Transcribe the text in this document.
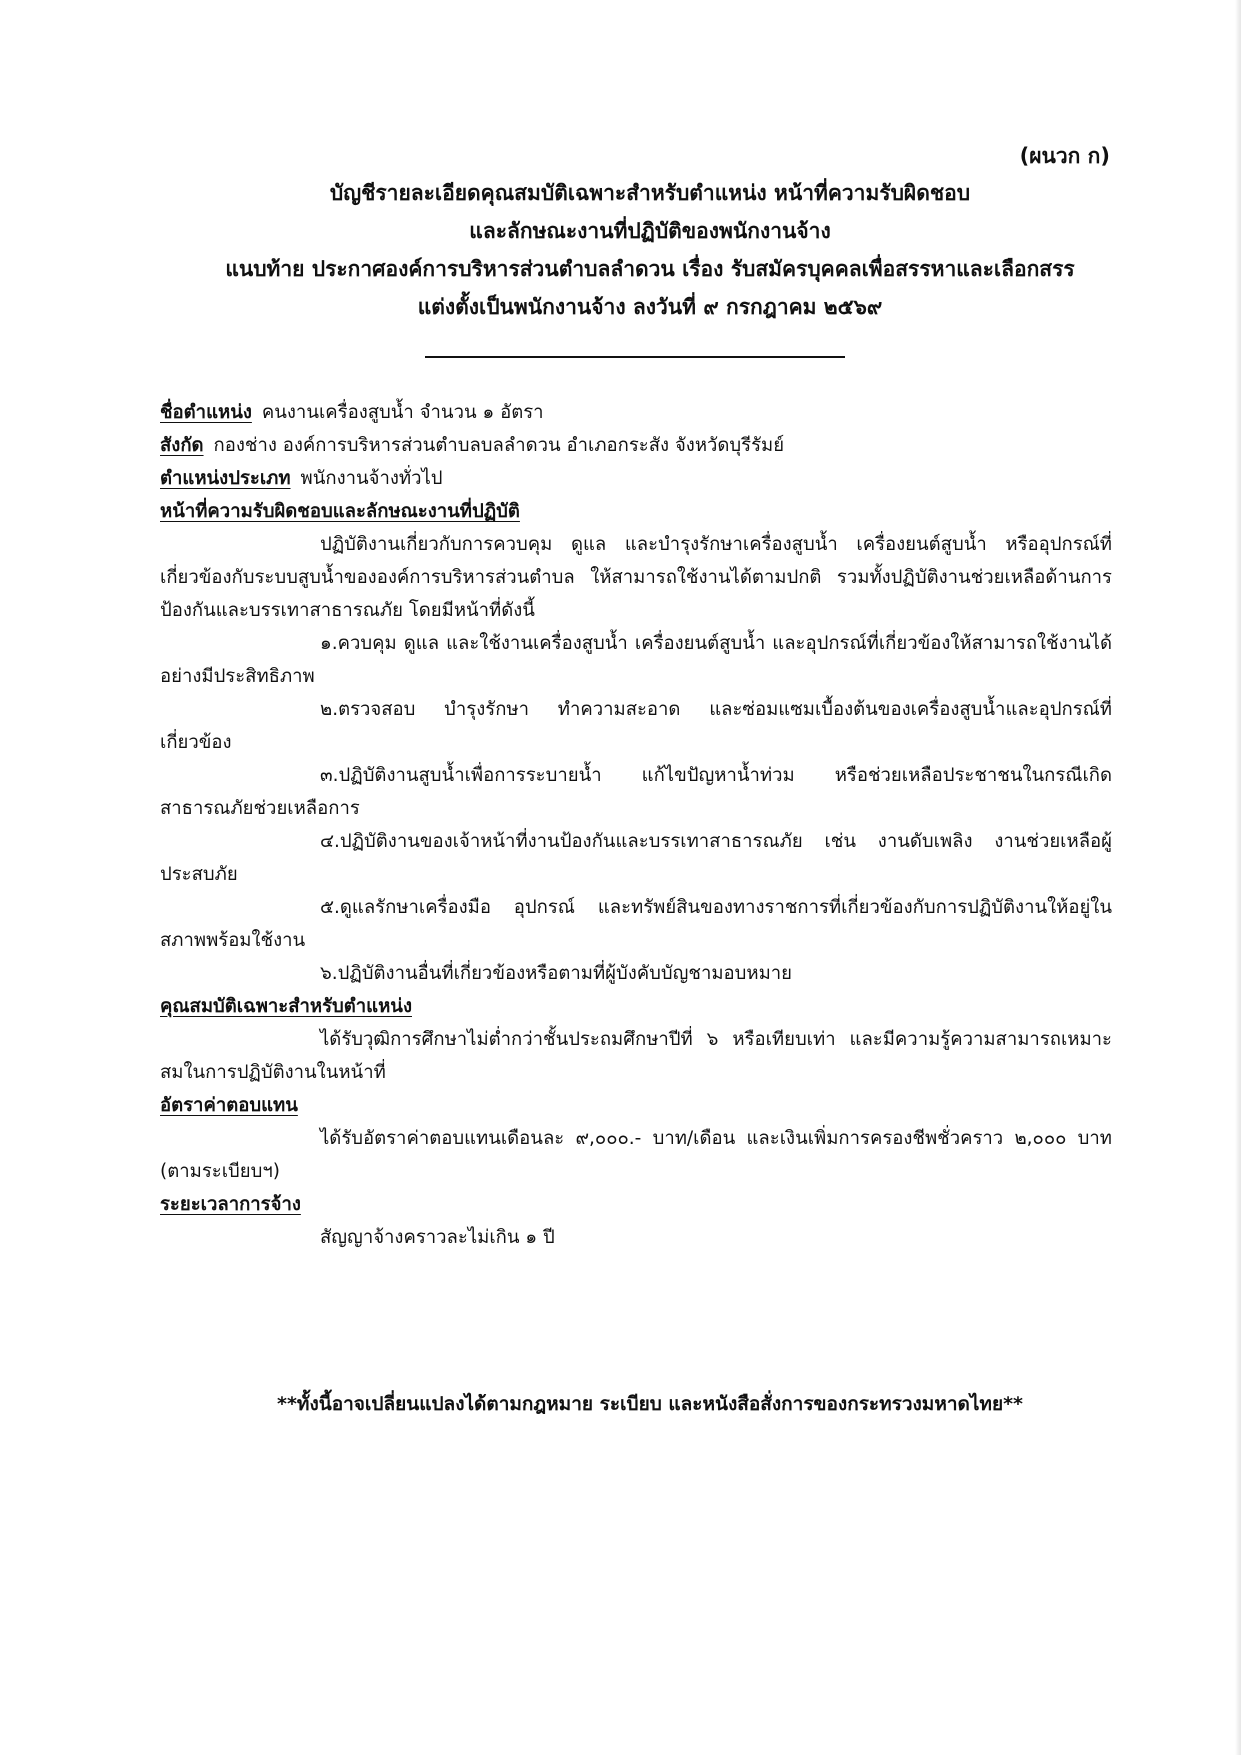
(ผนวก ก)
บัญชีรายละเอียดคุณสมบัติเฉพาะสำหรับตำแหน่ง หน้าที่ความรับผิดชอบ
และลักษณะงานที่ปฏิบัติของพนักงานจ้าง
แนบท้าย ประกาศองค์การบริหารส่วนตำบลลำดวน เรื่อง รับสมัครบุคคลเพื่อสรรหาและเลือกสรร
แต่งตั้งเป็นพนักงานจ้าง ลงวันที่ ๙ กรกฎาคม ๒๕๖๙
ชื่อตำแหน่ง คนงานเครื่องสูบน้ำ จำนวน ๑ อัตรา
สังกัด กองช่าง องค์การบริหารส่วนตำบลบลลำดวน อำเภอกระสัง จังหวัดบุรีรัมย์
ตำแหน่งประเภท พนักงานจ้างทั่วไป
หน้าที่ความรับผิดชอบและลักษณะงานที่ปฏิบัติ

ปฏิบัติงานเกี่ยวกับการควบคุม ดูแล และบำรุงรักษาเครื่องสูบน้ำ เครื่องยนต์สูบน้ำ หรืออุปกรณ์ที่เกี่ยวข้องกับระบบสูบน้ำขององค์การบริหารส่วนตำบล ให้สามารถใช้งานได้ตามปกติ รวมทั้งปฏิบัติงานช่วยเหลือด้านการป้องกันและบรรเทาสาธารณภัย โดยมีหน้าที่ดังนี้

๑.ควบคุม ดูแล และใช้งานเครื่องสูบน้ำ เครื่องยนต์สูบน้ำ และอุปกรณ์ที่เกี่ยวข้องให้สามารถใช้งานได้อย่างมีประสิทธิภาพ

๒.ตรวจสอบ บำรุงรักษา ทำความสะอาด และซ่อมแซมเบื้องต้นของเครื่องสูบน้ำและอุปกรณ์ที่เกี่ยวข้อง

๓.ปฏิบัติงานสูบน้ำเพื่อการระบายน้ำ แก้ไขปัญหาน้ำท่วม หรือช่วยเหลือประชาชนในกรณีเกิดสาธารณภัยช่วยเหลือการ

๔.ปฏิบัติงานของเจ้าหน้าที่งานป้องกันและบรรเทาสาธารณภัย เช่น งานดับเพลิง งานช่วยเหลือผู้ประสบภัย

๕.ดูแลรักษาเครื่องมือ อุปกรณ์ และทรัพย์สินของทางราชการที่เกี่ยวข้องกับการปฏิบัติงานให้อยู่ในสภาพพร้อมใช้งาน

๖.ปฏิบัติงานอื่นที่เกี่ยวข้องหรือตามที่ผู้บังคับบัญชามอบหมาย

คุณสมบัติเฉพาะสำหรับตำแหน่ง

ได้รับวุฒิการศึกษาไม่ต่ำกว่าชั้นประถมศึกษาปีที่ ๖ หรือเทียบเท่า และมีความรู้ความสามารถเหมาะสมในการปฏิบัติงานในหน้าที่

อัตราค่าตอบแทน

ได้รับอัตราค่าตอบแทนเดือนละ ๙,๐๐๐.- บาท/เดือน และเงินเพิ่มการครองชีพชั่วคราว ๒,๐๐๐ บาท (ตามระเบียบฯ)

ระยะเวลาการจ้าง

สัญญาจ้างคราวละไม่เกิน ๑ ปี

**ทั้งนี้อาจเปลี่ยนแปลงได้ตามกฎหมาย ระเบียบ และหนังสือสั่งการของกระทรวงมหาดไทย**
